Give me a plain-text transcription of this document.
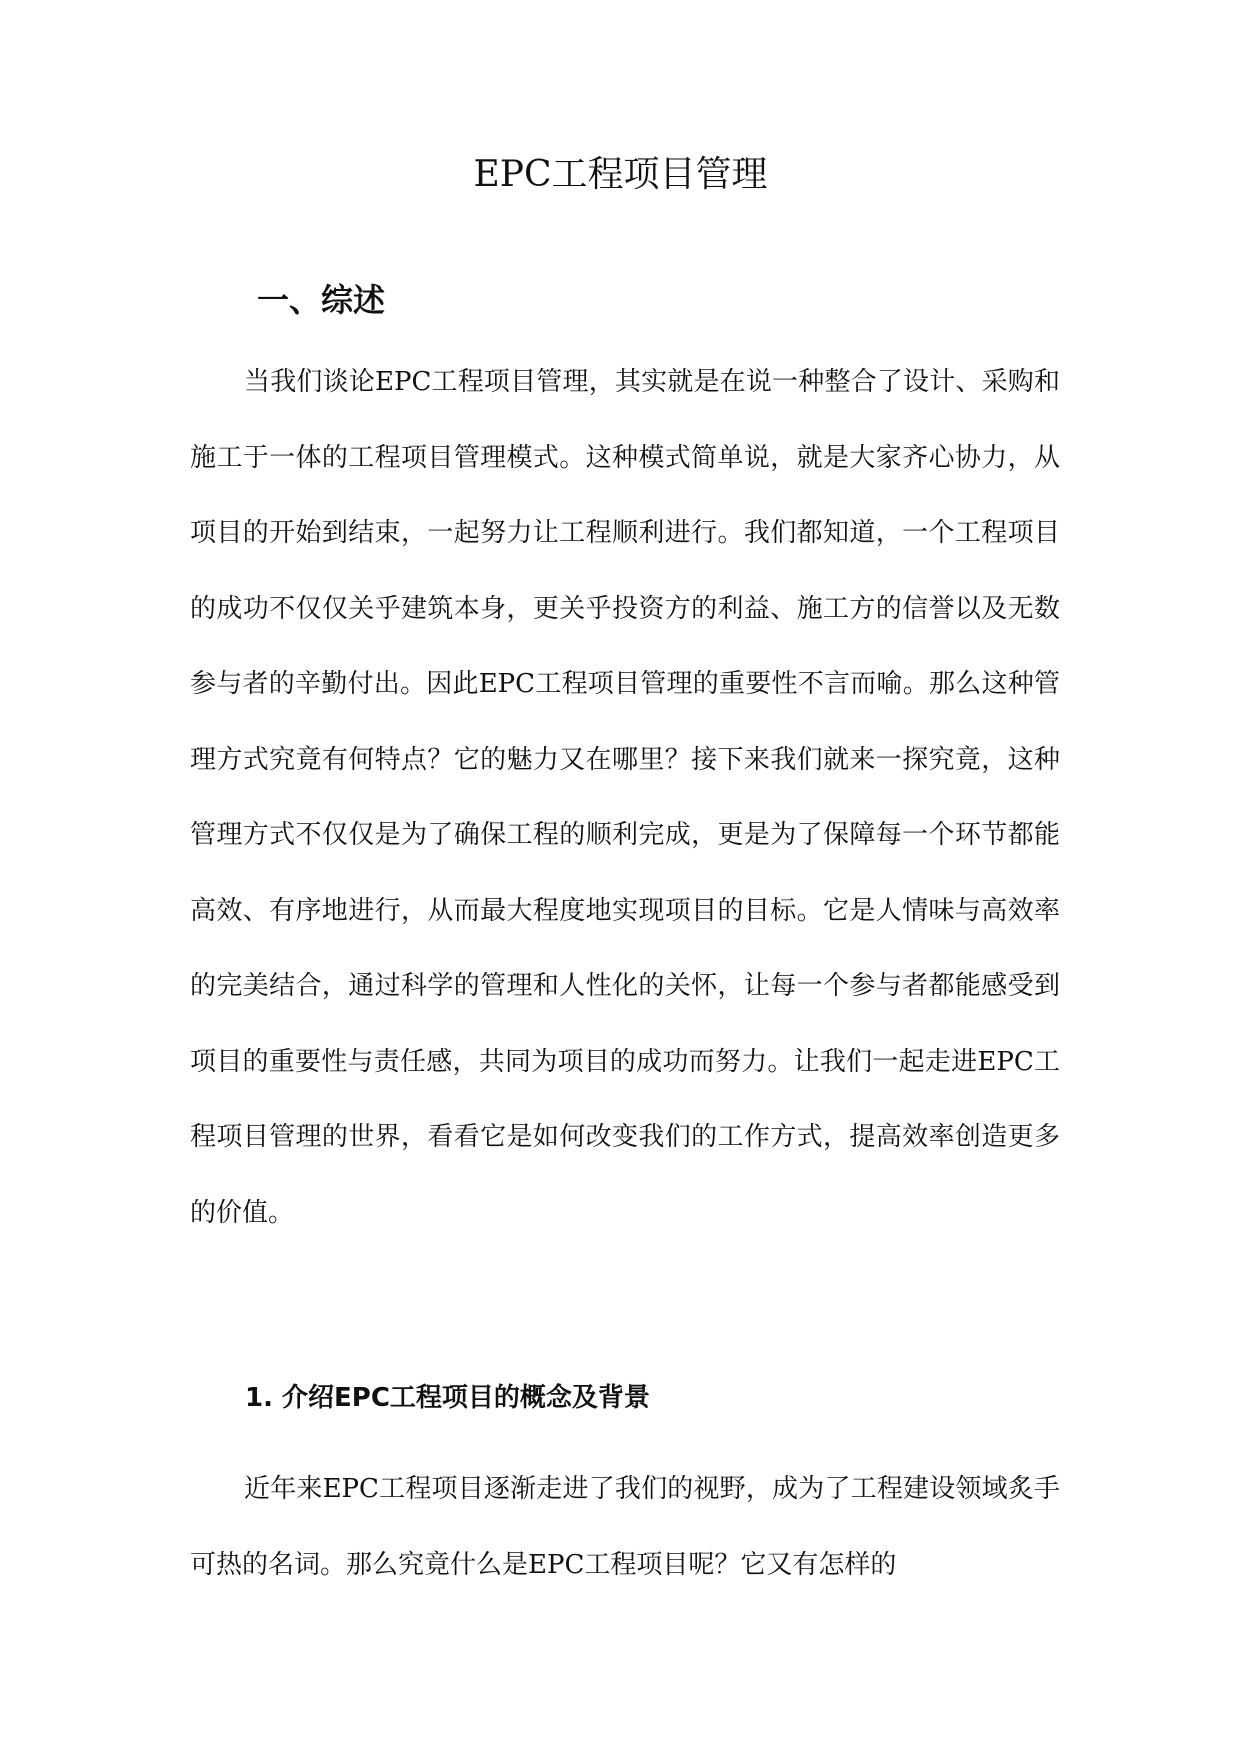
EPC工程项目管理
一、综述

当我们谈论EPC工程项目管理，其实就是在说一种整合了设计、采购和施工于一体的工程项目管理模式。这种模式简单说，就是大家齐心协力，从项目的开始到结束，一起努力让工程顺利进行。我们都知道，一个工程项目的成功不仅仅关乎建筑本身，更关乎投资方的利益、施工方的信誉以及无数参与者的辛勤付出。因此EPC工程项目管理的重要性不言而喻。那么这种管理方式究竟有何特点？它的魅力又在哪里？接下来我们就来一探究竟，这种管理方式不仅仅是为了确保工程的顺利完成，更是为了保障每一个环节都能高效、有序地进行，从而最大程度地实现项目的目标。它是人情味与高效率的完美结合，通过科学的管理和人性化的关怀，让每一个参与者都能感受到项目的重要性与责任感，共同为项目的成功而努力。让我们一起走进EPC工程项目管理的世界，看看它是如何改变我们的工作方式，提高效率创造更多的价值。

1. 介绍EPC工程项目的概念及背景

近年来EPC工程项目逐渐走进了我们的视野，成为了工程建设领域炙手可热的名词。那么究竟什么是EPC工程项目呢？它又有怎样的
